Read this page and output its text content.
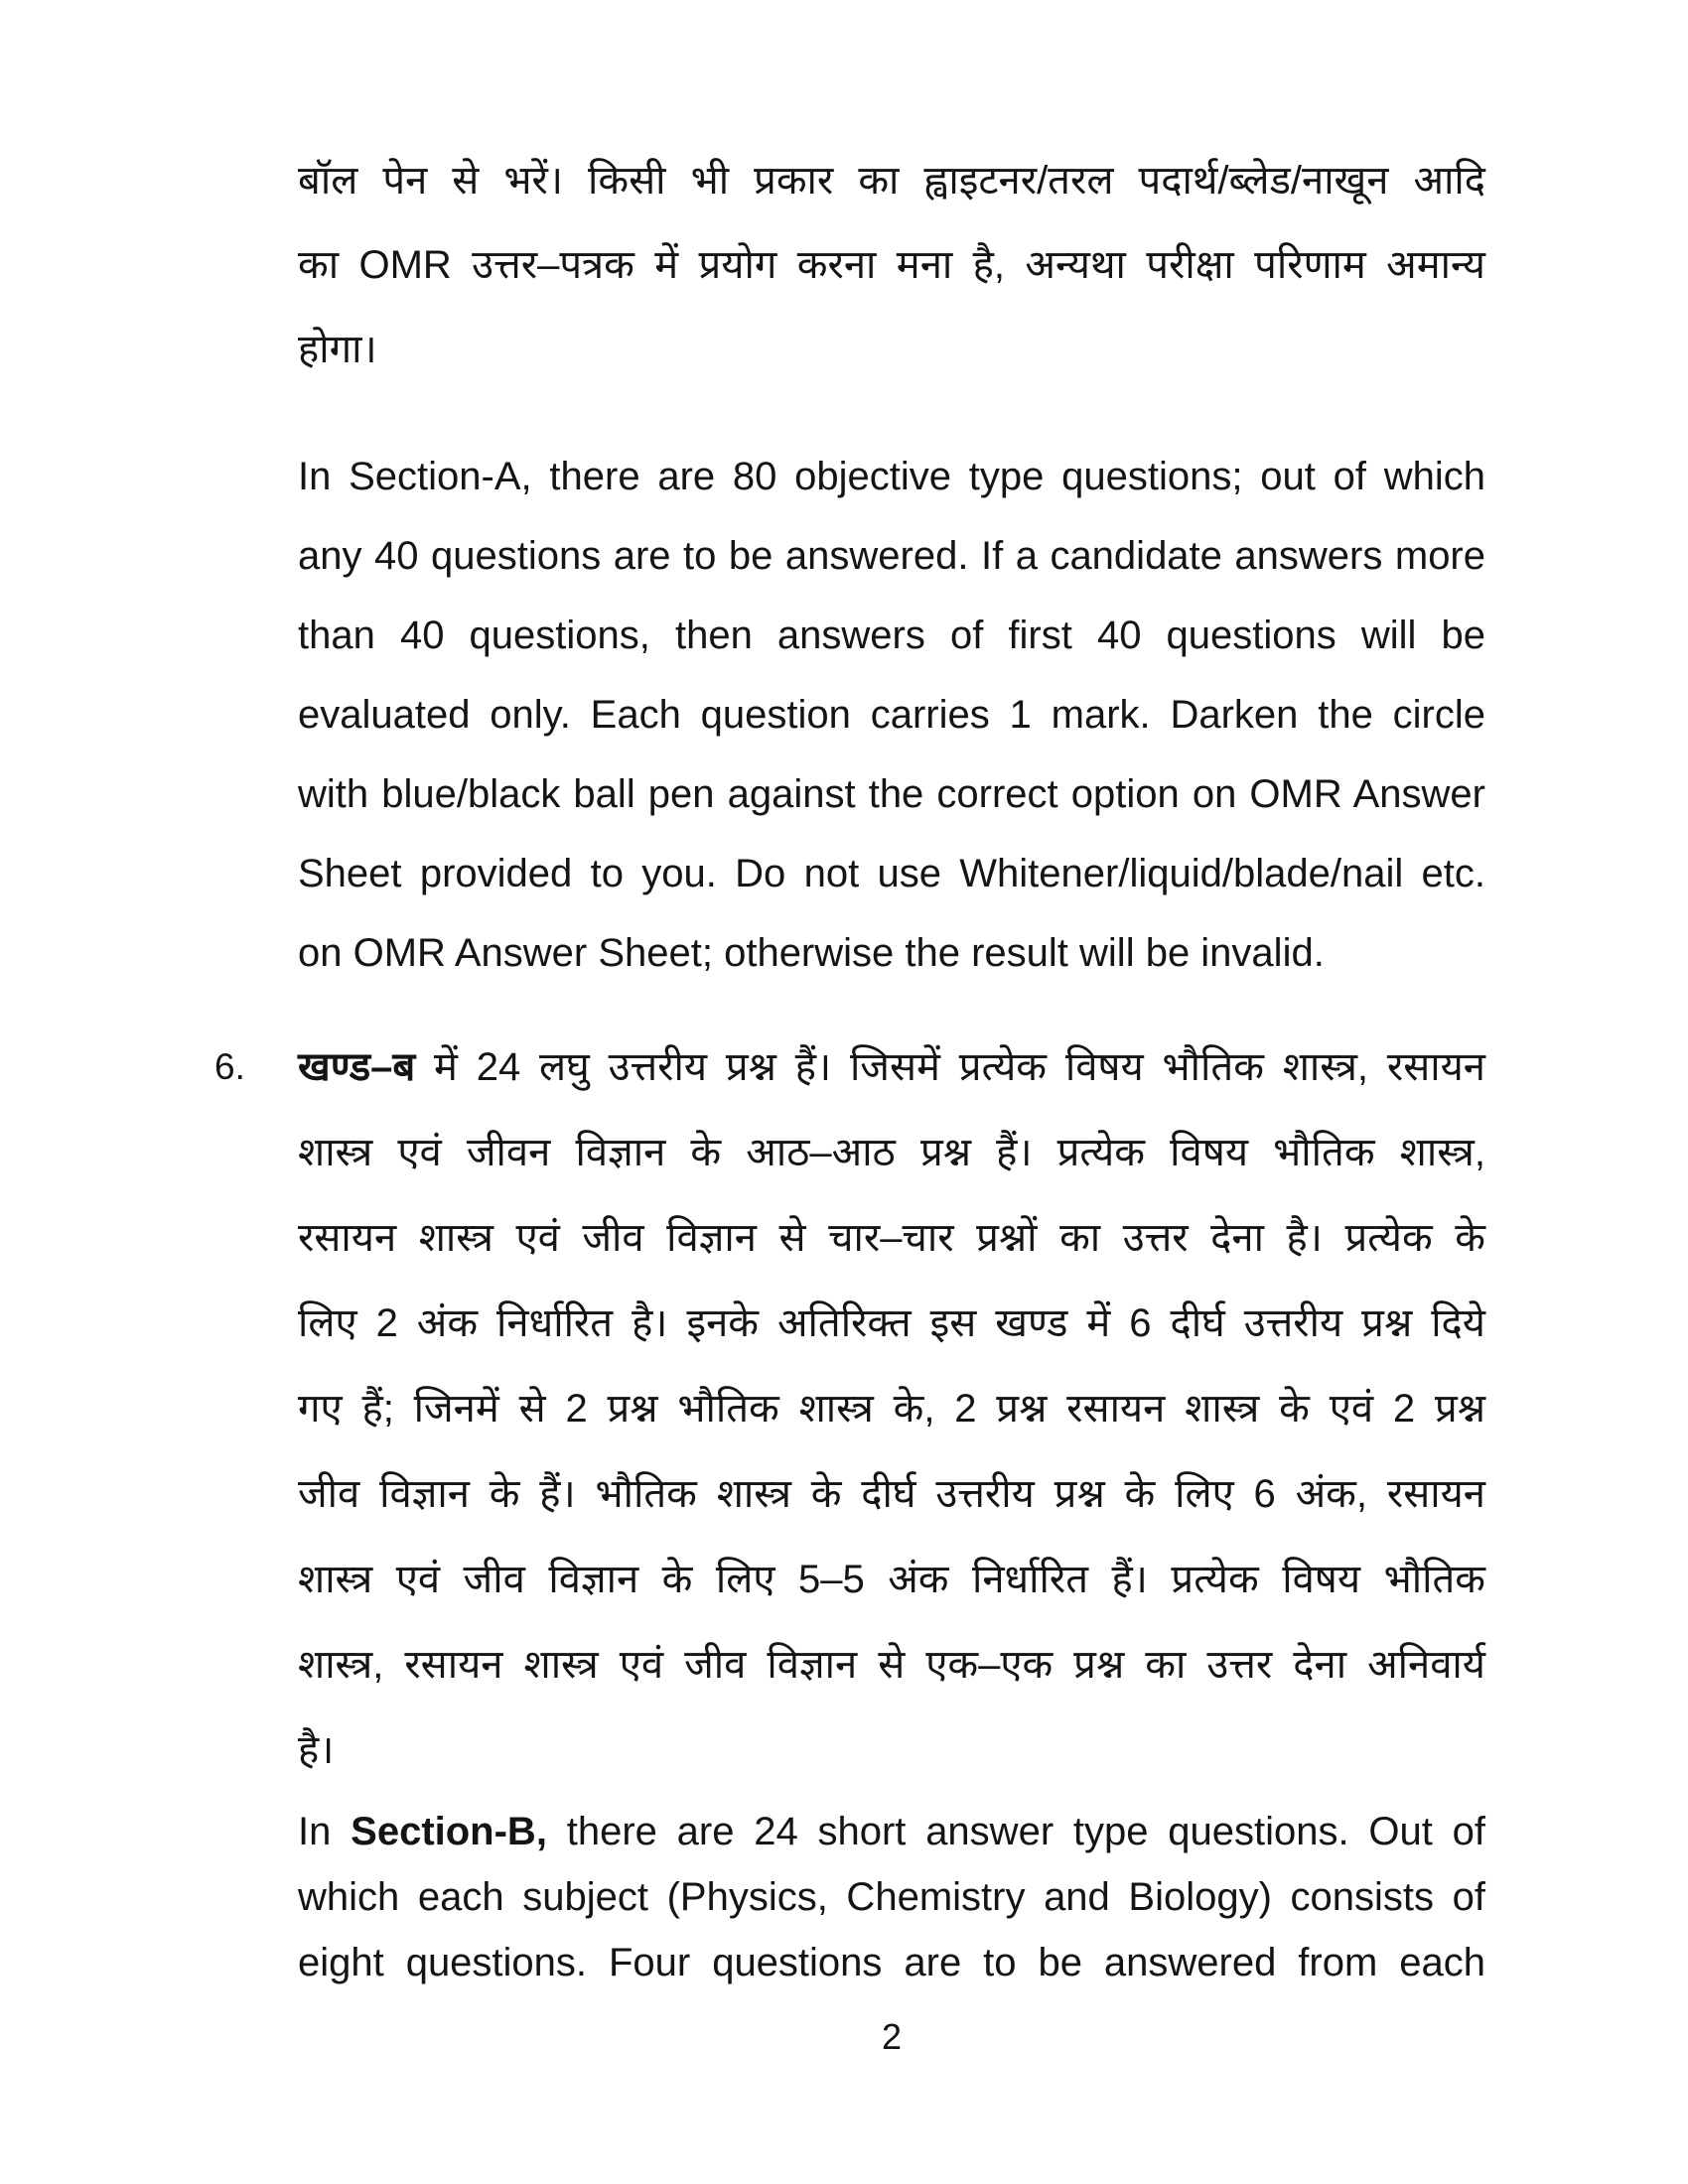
बॉल पेन से भरें। किसी भी प्रकार का ह्वाइटनर/तरल पदार्थ/ब्लेड/नाखून आदि
का OMR उत्तर–पत्रक में प्रयोग करना मना है, अन्यथा परीक्षा परिणाम अमान्य
होगा।
In Section-A, there are 80 objective type questions; out of which
any 40 questions are to be answered. If a candidate answers more
than 40 questions, then answers of first 40 questions will be
evaluated only. Each question carries 1 mark. Darken the circle
with blue/black ball pen against the correct option on OMR Answer
Sheet provided to you. Do not use Whitener/liquid/blade/nail etc.
on OMR Answer Sheet; otherwise the result will be invalid.
6. खण्ड–ब में 24 लघु उत्तरीय प्रश्न हैं। जिसमें प्रत्येक विषय भौतिक शास्त्र, रसायन
शास्त्र एवं जीवन विज्ञान के आठ–आठ प्रश्न हैं। प्रत्येक विषय भौतिक शास्त्र,
रसायन शास्त्र एवं जीव विज्ञान से चार–चार प्रश्नों का उत्तर देना है। प्रत्येक के
लिए 2 अंक निर्धारित है। इनके अतिरिक्त इस खण्ड में 6 दीर्घ उत्तरीय प्रश्न दिये
गए हैं; जिनमें से 2 प्रश्न भौतिक शास्त्र के, 2 प्रश्न रसायन शास्त्र के एवं 2 प्रश्न
जीव विज्ञान के हैं। भौतिक शास्त्र के दीर्घ उत्तरीय प्रश्न के लिए 6 अंक, रसायन
शास्त्र एवं जीव विज्ञान के लिए 5–5 अंक निर्धारित हैं। प्रत्येक विषय भौतिक
शास्त्र, रसायन शास्त्र एवं जीव विज्ञान से एक–एक प्रश्न का उत्तर देना अनिवार्य
है।
In Section-B, there are 24 short answer type questions. Out of
which each subject (Physics, Chemistry and Biology) consists of
eight questions. Four questions are to be answered from each
2
